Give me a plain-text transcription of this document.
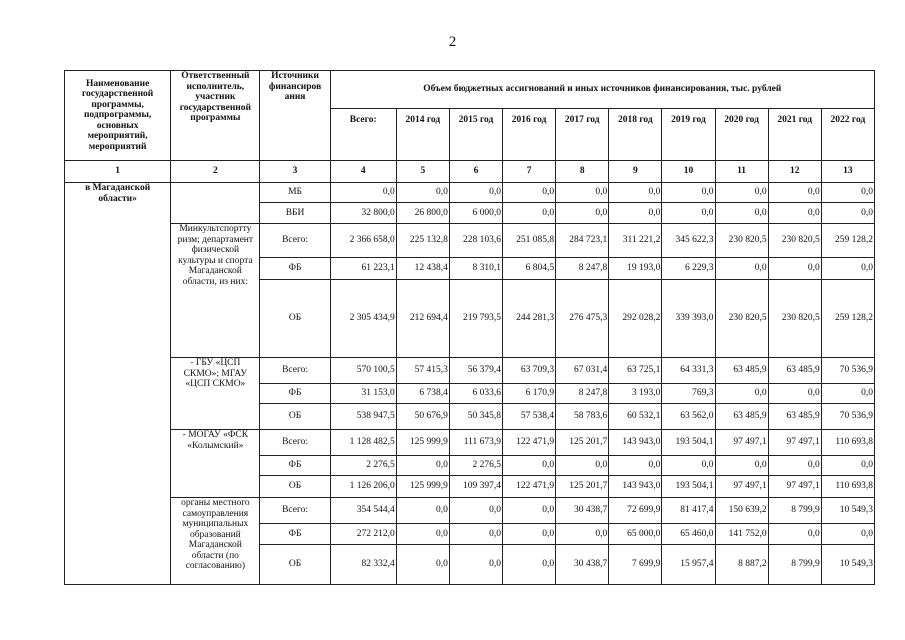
2
Наименование государственной программы, подпрограммы, основных мероприятий, мероприятий	Ответственный исполнитель, участник государственной программы	Источники финансиров ания	Объем бюджетных ассигнований и иных источников финансирования, тыс. рублей									
			Всего:	2014 год	2015 год	2016 год	2017 год	2018 год	2019 год	2020 год	2021 год	2022 год
1	2	3	4	5	6	7	8	9	10	11	12	13
в Магаданской области»		МБ	0,0	0,0	0,0	0,0	0,0	0,0	0,0	0,0	0,0	0,0
		ВБИ	32 800,0	26 800,0	6 000,0	0,0	0,0	0,0	0,0	0,0	0,0	0,0
	Минкультспортту ризм; департамент физической культуры и спорта Магаданской области, из них:	Всего:	2 366 658,0	225 132,8	228 103,6	251 085,8	284 723,1	311 221,2	345 622,3	230 820,5	230 820,5	259 128,2
		ФБ	61 223,1	12 438,4	8 310,1	6 804,5	8 247,8	19 193,0	6 229,3	0,0	0,0	0,0
		ОБ	2 305 434,9	212 694,4	219 793,5	244 281,3	276 475,3	292 028,2	339 393,0	230 820,5	230 820,5	259 128,2
	- ГБУ «ЦСП СКМО»; МГАУ «ЦСП СКМО»	Всего:	570 100,5	57 415,3	56 379,4	63 709,3	67 031,4	63 725,1	64 331,3	63 485,9	63 485,9	70 536,9
		ФБ	31 153,0	6 738,4	6 033,6	6 170,9	8 247,8	3 193,0	769,3	0,0	0,0	0,0
		ОБ	538 947,5	50 676,9	50 345,8	57 538,4	58 783,6	60 532,1	63 562,0	63 485,9	63 485,9	70 536,9
	- МОГАУ «ФСК «Колымский»	Всего:	1 128 482,5	125 999,9	111 673,9	122 471,9	125 201,7	143 943,0	193 504,1	97 497,1	97 497,1	110 693,8
		ФБ	2 276,5	0,0	2 276,5	0,0	0,0	0,0	0,0	0,0	0,0	0,0
		ОБ	1 126 206,0	125 999,9	109 397,4	122 471,9	125 201,7	143 943,0	193 504,1	97 497,1	97 497,1	110 693,8
	органы местного самоуправления муниципальных образований Магаданской области (по согласованию)	Всего:	354 544,4	0,0	0,0	0,0	30 438,7	72 699,9	81 417,4	150 639,2	8 799,9	10 549,3
		ФБ	272 212,0	0,0	0,0	0,0	0,0	65 000,0	65 460,0	141 752,0	0,0	0,0
		ОБ	82 332,4	0,0	0,0	0,0	30 438,7	7 699,9	15 957,4	8 887,2	8 799,9	10 549,3
